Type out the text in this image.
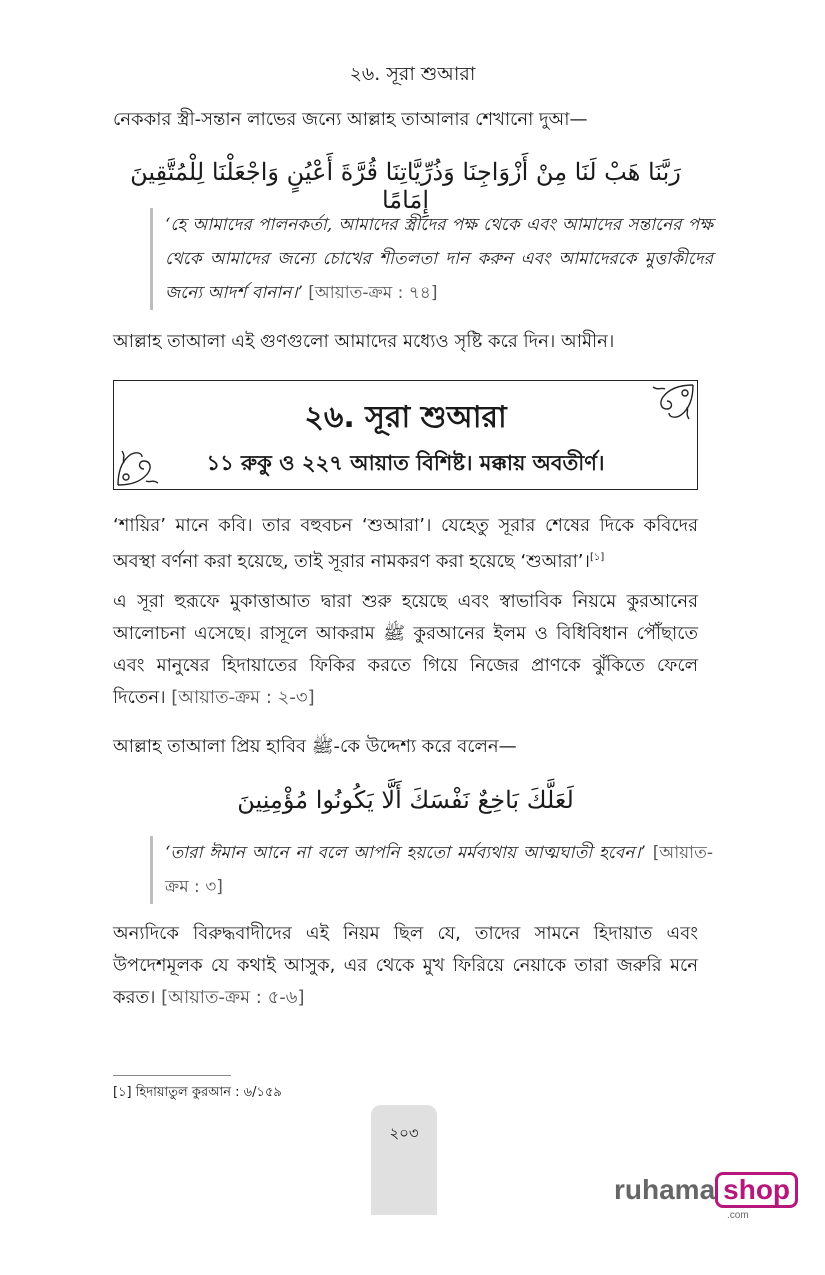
২৬. সূরা শুআরা
নেককার স্ত্রী-সন্তান লাভের জন্যে আল্লাহ তাআলার শেখানো দুআ—
رَبَّنَا هَبْ لَنَا مِنْ أَزْوَاجِنَا وَذُرِّيَّاتِنَا قُرَّةَ أَعْيُنٍ وَاجْعَلْنَا لِلْمُتَّقِينَ إِمَامًا
‘হে আমাদের পালনকর্তা, আমাদের স্ত্রীদের পক্ষ থেকে এবং আমাদের সন্তানের পক্ষ থেকে আমাদের জন্যে চোখের শীতলতা দান করুন এবং আমাদেরকে মুত্তাকীদের জন্যে আদর্শ বানান।’ [আয়াত-ক্রম : ৭৪]
আল্লাহ তাআলা এই গুণগুলো আমাদের মধ্যেও সৃষ্টি করে দিন। আমীন।
২৬. সূরা শুআরা
১১ রুকু ও ২২৭ আয়াত বিশিষ্ট। মক্কায় অবতীর্ণ।
‘শায়ির’ মানে কবি। তার বহুবচন ‘শুআরা’। যেহেতু সূরার শেষের দিকে কবিদের অবস্থা বর্ণনা করা হয়েছে, তাই সূরার নামকরণ করা হয়েছে ‘শুআরা’।[১]
এ সূরা হুরূফে মুকাত্তাআত দ্বারা শুরু হয়েছে এবং স্বাভাবিক নিয়মে কুরআনের আলোচনা এসেছে। রাসূলে আকরাম ﷺ কুরআনের ইলম ও বিধিবিধান পৌঁছাতে এবং মানুষের হিদায়াতের ফিকির করতে গিয়ে নিজের প্রাণকে ঝুঁকিতে ফেলে দিতেন। [আয়াত-ক্রম : ২-৩]
আল্লাহ তাআলা প্রিয় হাবিব ﷺ-কে উদ্দেশ্য করে বলেন—
لَعَلَّكَ بَاخِعٌ نَفْسَكَ أَلَّا يَكُونُوا مُؤْمِنِينَ
‘তারা ঈমান আনে না বলে আপনি হয়তো মর্মব্যথায় আত্মঘাতী হবেন।’ [আয়াত-ক্রম : ৩]
অন্যদিকে বিরুদ্ধবাদীদের এই নিয়ম ছিল যে, তাদের সামনে হিদায়াত এবং উপদেশমূলক যে কথাই আসুক, এর থেকে মুখ ফিরিয়ে নেয়াকে তারা জরুরি মনে করত। [আয়াত-ক্রম : ৫-৬]
[১] হিদায়াতুল কুরআন : ৬/১৫৯
২০৩
ruhama shop
.com
